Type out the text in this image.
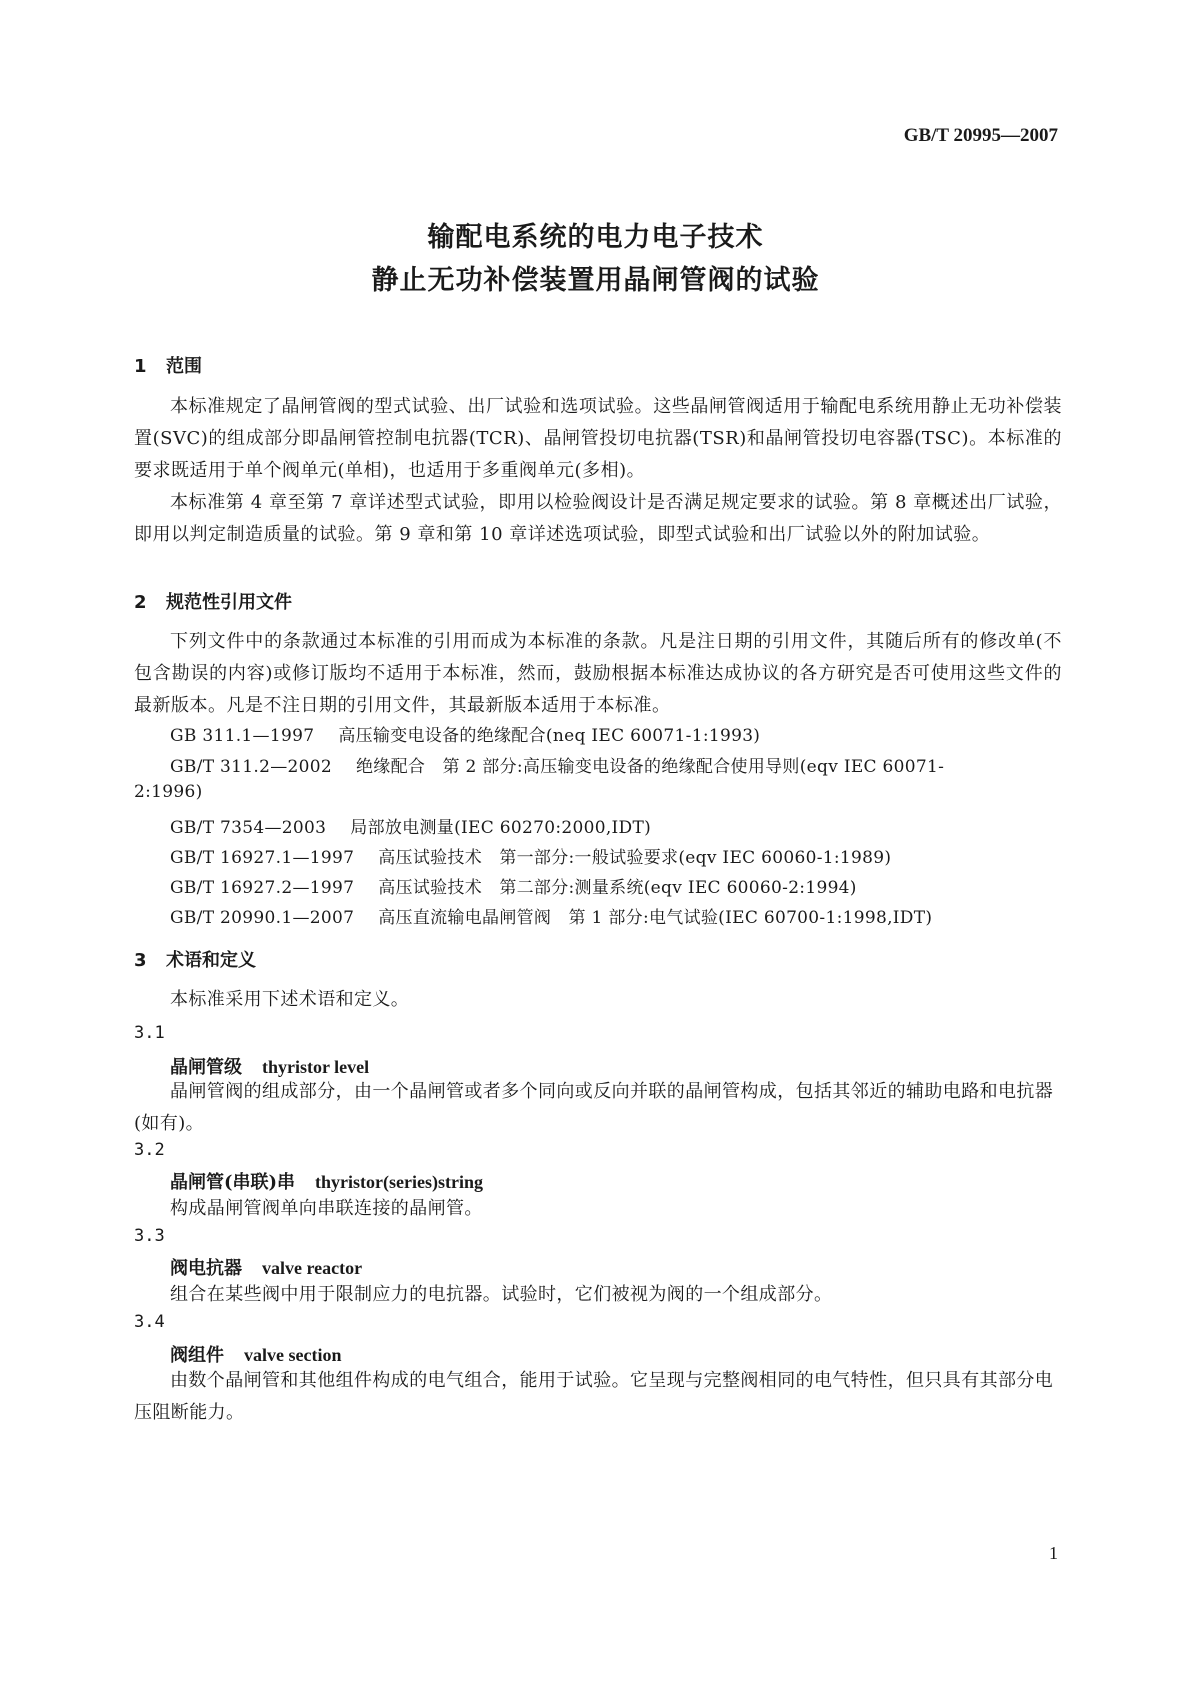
GB/T 20995—2007
输配电系统的电力电子技术
静止无功补偿装置用晶闸管阀的试验
1 范围
本标准规定了晶闸管阀的型式试验、出厂试验和选项试验。这些晶闸管阀适用于输配电系统用静止无功补偿装置(SVC)的组成部分即晶闸管控制电抗器(TCR)、晶闸管投切电抗器(TSR)和晶闸管投切电容器(TSC)。本标准的要求既适用于单个阀单元(单相)，也适用于多重阀单元(多相)。
本标准第 4 章至第 7 章详述型式试验，即用以检验阀设计是否满足规定要求的试验。第 8 章概述出厂试验，即用以判定制造质量的试验。第 9 章和第 10 章详述选项试验，即型式试验和出厂试验以外的附加试验。
2 规范性引用文件
下列文件中的条款通过本标准的引用而成为本标准的条款。凡是注日期的引用文件，其随后所有的修改单(不包含勘误的内容)或修订版均不适用于本标准，然而，鼓励根据本标准达成协议的各方研究是否可使用这些文件的最新版本。凡是不注日期的引用文件，其最新版本适用于本标准。
GB 311.1—1997 高压输变电设备的绝缘配合(neq IEC 60071-1:1993)
GB/T 311.2—2002 绝缘配合　第 2 部分:高压输变电设备的绝缘配合使用导则(eqv IEC 60071-
2:1996)
GB/T 7354—2003 局部放电测量(IEC 60270:2000,IDT)
GB/T 16927.1—1997 高压试验技术　第一部分:一般试验要求(eqv IEC 60060-1:1989)
GB/T 16927.2—1997 高压试验技术　第二部分:测量系统(eqv IEC 60060-2:1994)
GB/T 20990.1—2007 高压直流输电晶闸管阀　第 1 部分:电气试验(IEC 60700-1:1998,IDT)
3 术语和定义
本标准采用下述术语和定义。
3.1
晶闸管级 thyristor level
晶闸管阀的组成部分，由一个晶闸管或者多个同向或反向并联的晶闸管构成，包括其邻近的辅助电路和电抗器(如有)。
3.2
晶闸管(串联)串 thyristor(series)string
构成晶闸管阀单向串联连接的晶闸管。
3.3
阀电抗器 valve reactor
组合在某些阀中用于限制应力的电抗器。试验时，它们被视为阀的一个组成部分。
3.4
阀组件 valve section
由数个晶闸管和其他组件构成的电气组合，能用于试验。它呈现与完整阀相同的电气特性，但只具有其部分电压阻断能力。
1
